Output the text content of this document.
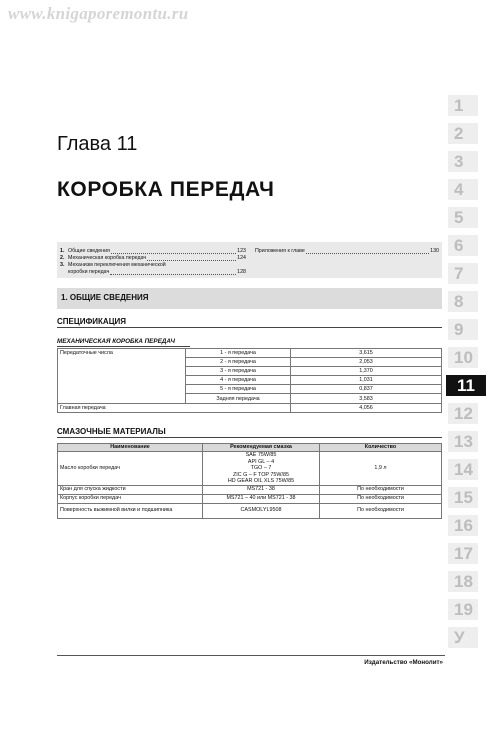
www.knigaporemontu.ru
Глава 11
КОРОБКА ПЕРЕДАЧ
1. Общие сведения	123
2. Механическая коробка передач	124
3. Механизм переключения механической
коробки передач	128
Приложения к главе	130
1. ОБЩИЕ СВЕДЕНИЯ
СПЕЦИФИКАЦИЯ
МЕХАНИЧЕСКАЯ КОРОБКА ПЕРЕДАЧ
Передаточные числа	1 - я передача	3,615
	2 - я передача	2,053
	3 - я передача	1,370
	4 - я передача	1,031
	5 - я передача	0,837
	Задняя передача	3,583
Главная передача		4,056
СМАЗОЧНЫЕ МАТЕРИАЛЫ
Наименование	Рекомендуемая смазка	Количество
Масло коробки передач	SAE 75W/85
API GL – 4
TGO – 7
ZIC G – F TOP 75W/85
HD GEAR OIL XLS 75W/85	1,9 л
Кран для спуска жидкости	MS721 - 38	По необходимости
Корпус коробки передач	MS721 – 40 или MS721 - 38	По необходимости
Поверхность выжимной вилки и подшипника	CASMOLYL9508	По необходимости
1
2
3
4
5
6
7
8
9
10
11
12
13
14
15
16
17
18
19
У
Издательство «Монолит»
